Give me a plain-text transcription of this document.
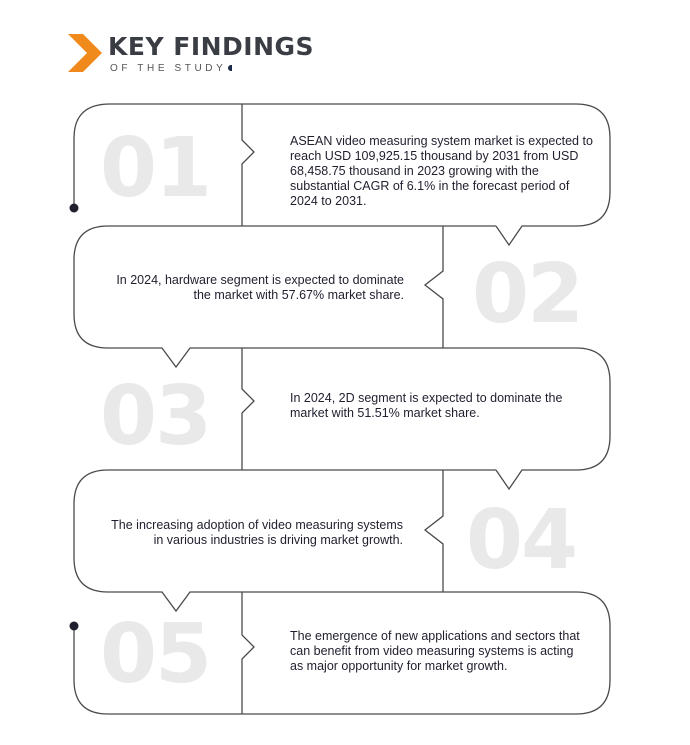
KEY FINDINGS
OF THE STUDY
01	ASEAN video measuring system market is expected to reach USD 109,925.15 thousand by 2031 from USD 68,458.75 thousand in 2023 growing with the substantial CAGR of 6.1% in the forecast period of 2024 to 2031.
02
In 2024, hardware segment is expected to dominate the market with 57.67% market share.
03	In 2024, 2D segment is expected to dominate the market with 51.51% market share.
04
The increasing adoption of video measuring systems in various industries is driving market growth.
05	The emergence of new applications and sectors that can benefit from video measuring systems is acting as major opportunity for market growth.
